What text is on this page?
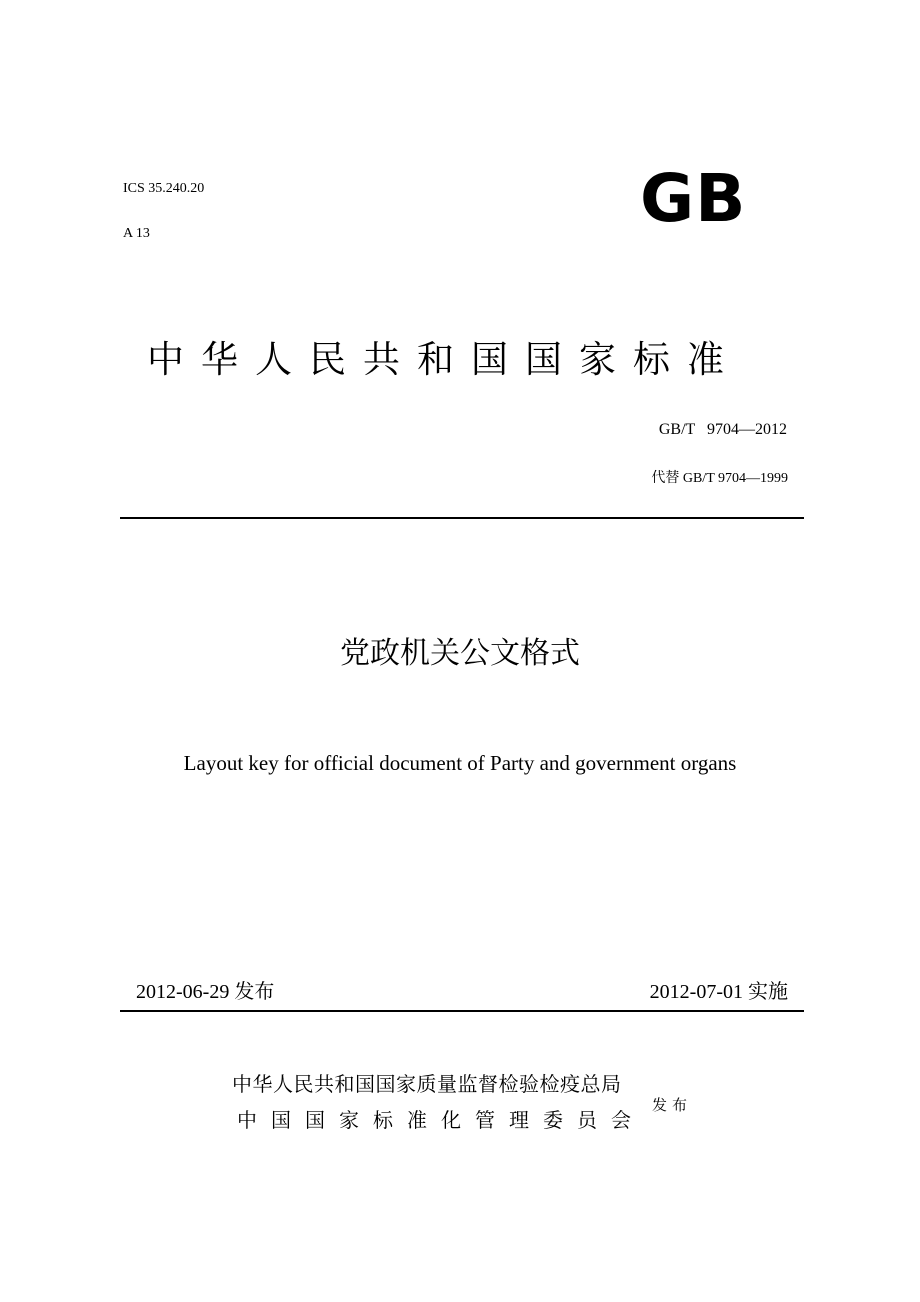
ICS 35.240.20
A 13	GB
中华人民共和国国家标准
GB/T   9704—2012
代替 GB/T 9704—1999
党政机关公文格式
Layout key for official document of Party and government organs
2012-06-29 发布	2012-07-01 实施
中华人民共和国国家质量监督检验检疫总局
中国国家标准化管理委员会
发布
